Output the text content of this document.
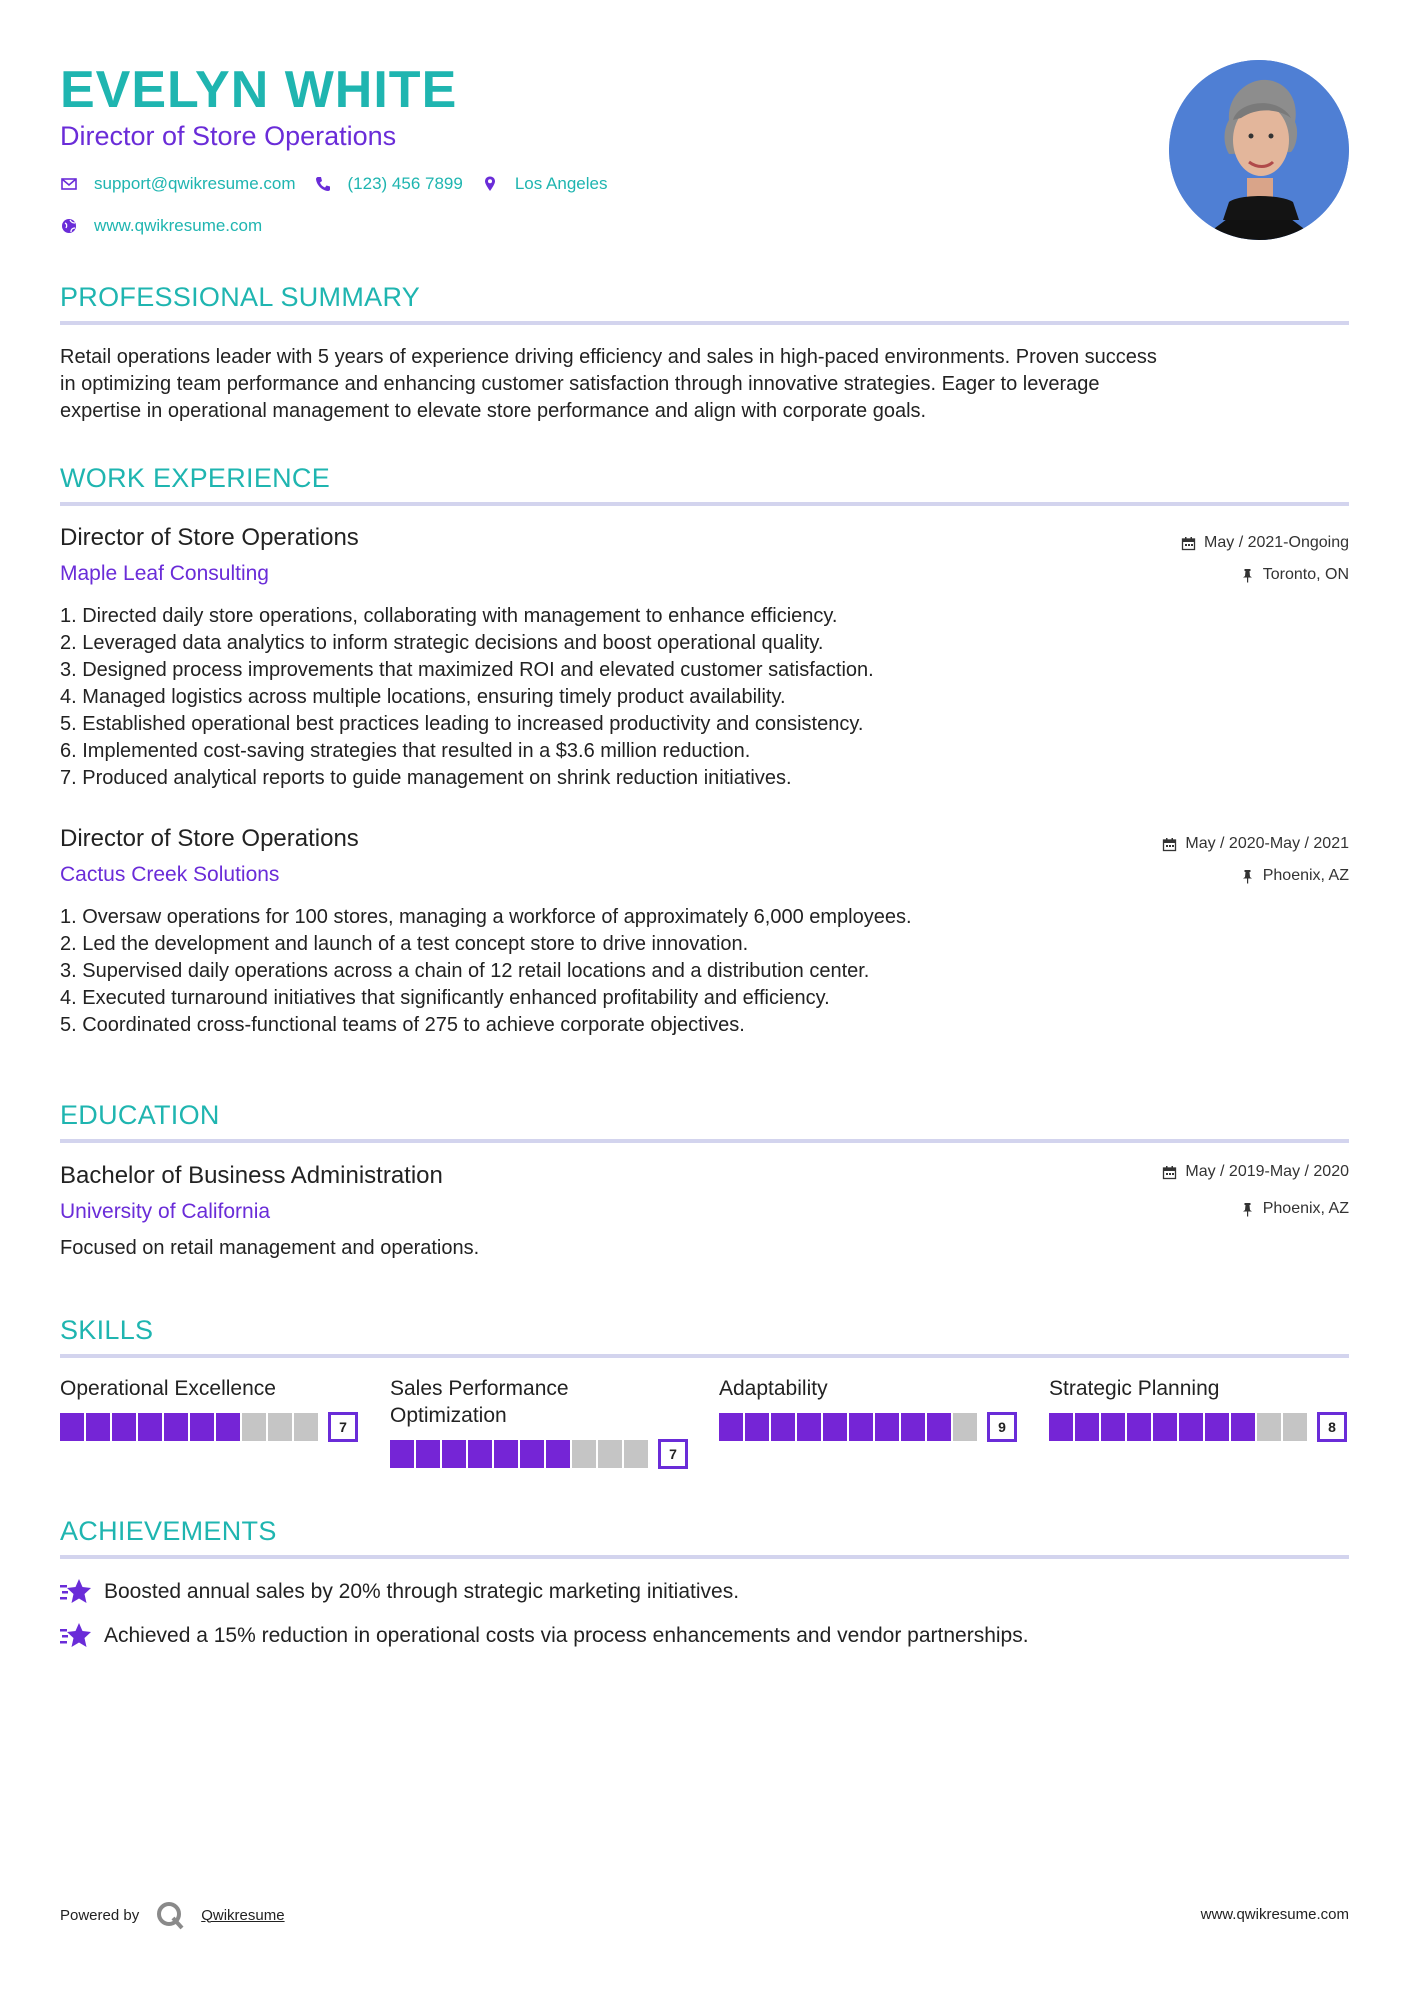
EVELYN WHITE
Director of Store Operations
support@qwikresume.com	(123) 456 7899	Los Angeles
www.qwikresume.com
PROFESSIONAL SUMMARY
Retail operations leader with 5 years of experience driving efficiency and sales in high-paced environments. Proven success
in optimizing team performance and enhancing customer satisfaction through innovative strategies. Eager to leverage
expertise in operational management to elevate store performance and align with corporate goals.
WORK EXPERIENCE
Director of Store Operations
Maple Leaf Consulting
May / 2021-Ongoing
Toronto, ON
1. Directed daily store operations, collaborating with management to enhance efficiency.
2. Leveraged data analytics to inform strategic decisions and boost operational quality.
3. Designed process improvements that maximized ROI and elevated customer satisfaction.
4. Managed logistics across multiple locations, ensuring timely product availability.
5. Established operational best practices leading to increased productivity and consistency.
6. Implemented cost-saving strategies that resulted in a $3.6 million reduction.
7. Produced analytical reports to guide management on shrink reduction initiatives.
Director of Store Operations
Cactus Creek Solutions
May / 2020-May / 2021
Phoenix, AZ
1. Oversaw operations for 100 stores, managing a workforce of approximately 6,000 employees.
2. Led the development and launch of a test concept store to drive innovation.
3. Supervised daily operations across a chain of 12 retail locations and a distribution center.
4. Executed turnaround initiatives that significantly enhanced profitability and efficiency.
5. Coordinated cross-functional teams of 275 to achieve corporate objectives.
EDUCATION
Bachelor of Business Administration
University of California
May / 2019-May / 2020
Phoenix, AZ
Focused on retail management and operations.
SKILLS
Operational Excellence
7
Sales Performance
Optimization
7
Adaptability
9
Strategic Planning
8
ACHIEVEMENTS
Boosted annual sales by 20% through strategic marketing initiatives.
Achieved a 15% reduction in operational costs via process enhancements and vendor partnerships.
Powered by	Qwikresume	www.qwikresume.com
